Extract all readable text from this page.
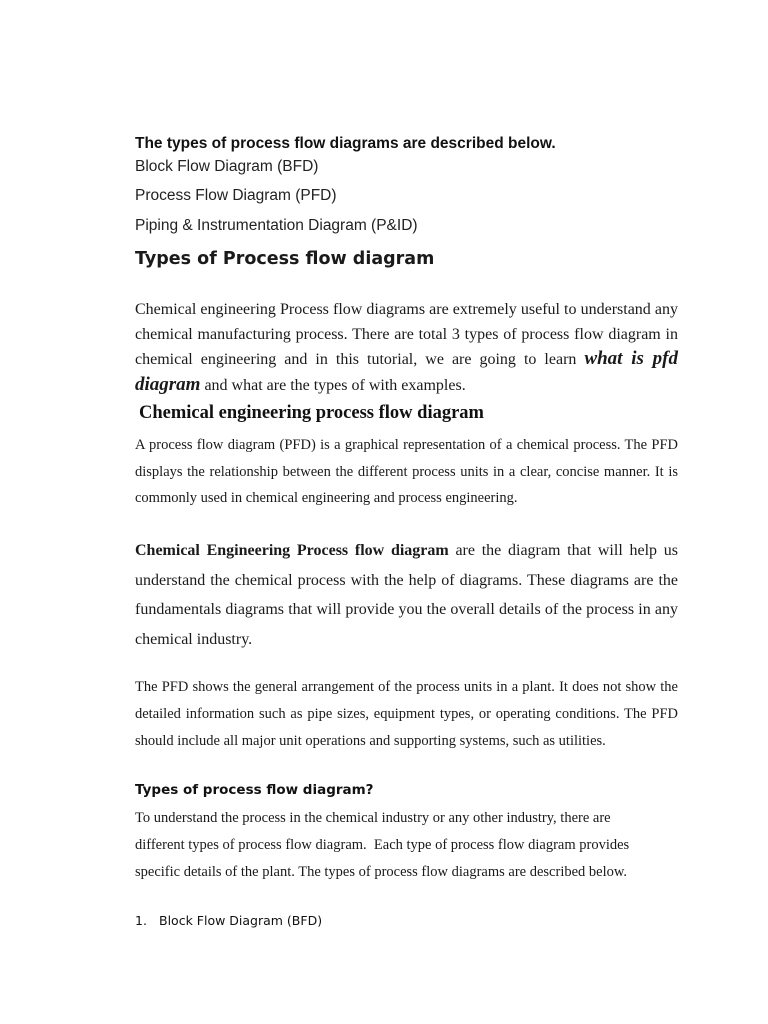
The types of process flow diagrams are described below.
Block Flow Diagram (BFD)
Process Flow Diagram (PFD)
Piping & Instrumentation Diagram (P&ID)
Types of Process flow diagram
Chemical engineering Process flow diagrams are extremely useful to understand any chemical manufacturing process. There are total 3 types of process flow diagram in chemical engineering and in this tutorial, we are going to learn what is pfd diagram and what are the types of with examples.
Chemical engineering process flow diagram
A process flow diagram (PFD) is a graphical representation of a chemical process. The PFD displays the relationship between the different process units in a clear, concise manner. It is commonly used in chemical engineering and process engineering.
Chemical Engineering Process flow diagram are the diagram that will help us understand the chemical process with the help of diagrams. These diagrams are the fundamentals diagrams that will provide you the overall details of the process in any chemical industry.
The PFD shows the general arrangement of the process units in a plant. It does not show the detailed information such as pipe sizes, equipment types, or operating conditions. The PFD should include all major unit operations and supporting systems, such as utilities.
Types of process flow diagram?
To understand the process in the chemical industry or any other industry, there are
different types of process flow diagram.  Each type of process flow diagram provides
specific details of the plant. The types of process flow diagrams are described below.
1. Block Flow Diagram (BFD)
